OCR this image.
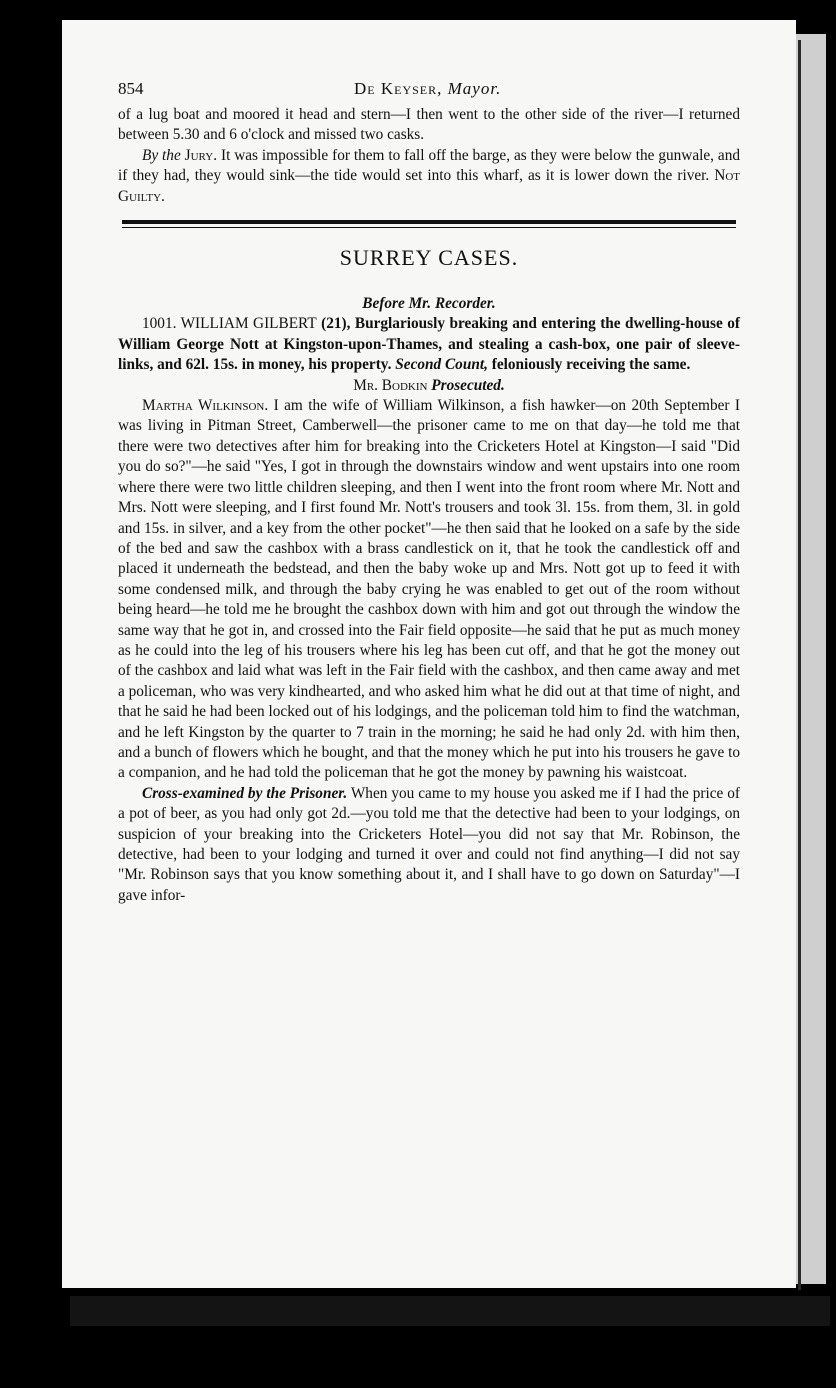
854	De Keyser, Mayor.

of a lug boat and moored it head and stern—I then went to the other side of the river—I returned between 5.30 and 6 o'clock and missed two casks.

By the Jury. It was impossible for them to fall off the barge, as they were below the gunwale, and if they had, they would sink—the tide would set into this wharf, as it is lower down the river. Not Guilty.

SURREY CASES.
Before Mr. Recorder.

1001. WILLIAM GILBERT (21), Burglariously breaking and entering the dwelling-house of William George Nott at Kingston-upon-Thames, and stealing a cash-box, one pair of sleeve-links, and 62l. 15s. in money, his property. Second Count, feloniously receiving the same.

Mr. Bodkin Prosecuted.

Martha Wilkinson. I am the wife of William Wilkinson, a fish hawker—on 20th September I was living in Pitman Street, Camberwell—the prisoner came to me on that day—he told me that there were two detectives after him for breaking into the Cricketers Hotel at Kingston—I said "Did you do so?"—he said "Yes, I got in through the downstairs window and went upstairs into one room where there were two little children sleeping, and then I went into the front room where Mr. Nott and Mrs. Nott were sleeping, and I first found Mr. Nott's trousers and took 3l. 15s. from them, 3l. in gold and 15s. in silver, and a key from the other pocket"—he then said that he looked on a safe by the side of the bed and saw the cashbox with a brass candlestick on it, that he took the candlestick off and placed it underneath the bedstead, and then the baby woke up and Mrs. Nott got up to feed it with some condensed milk, and through the baby crying he was enabled to get out of the room without being heard—he told me he brought the cashbox down with him and got out through the window the same way that he got in, and crossed into the Fair field opposite—he said that he put as much money as he could into the leg of his trousers where his leg has been cut off, and that he got the money out of the cashbox and laid what was left in the Fair field with the cashbox, and then came away and met a policeman, who was very kindhearted, and who asked him what he did out at that time of night, and that he said he had been locked out of his lodgings, and the policeman told him to find the watchman, and he left Kingston by the quarter to 7 train in the morning; he said he had only 2d. with him then, and a bunch of flowers which he bought, and that the money which he put into his trousers he gave to a companion, and he had told the policeman that he got the money by pawning his waistcoat.

Cross-examined by the Prisoner. When you came to my house you asked me if I had the price of a pot of beer, as you had only got 2d.—you told me that the detective had been to your lodgings, on suspicion of your breaking into the Cricketers Hotel—you did not say that Mr. Robinson, the detective, had been to your lodging and turned it over and could not find anything—I did not say "Mr. Robinson says that you know something about it, and I shall have to go down on Saturday"—I gave infor-
